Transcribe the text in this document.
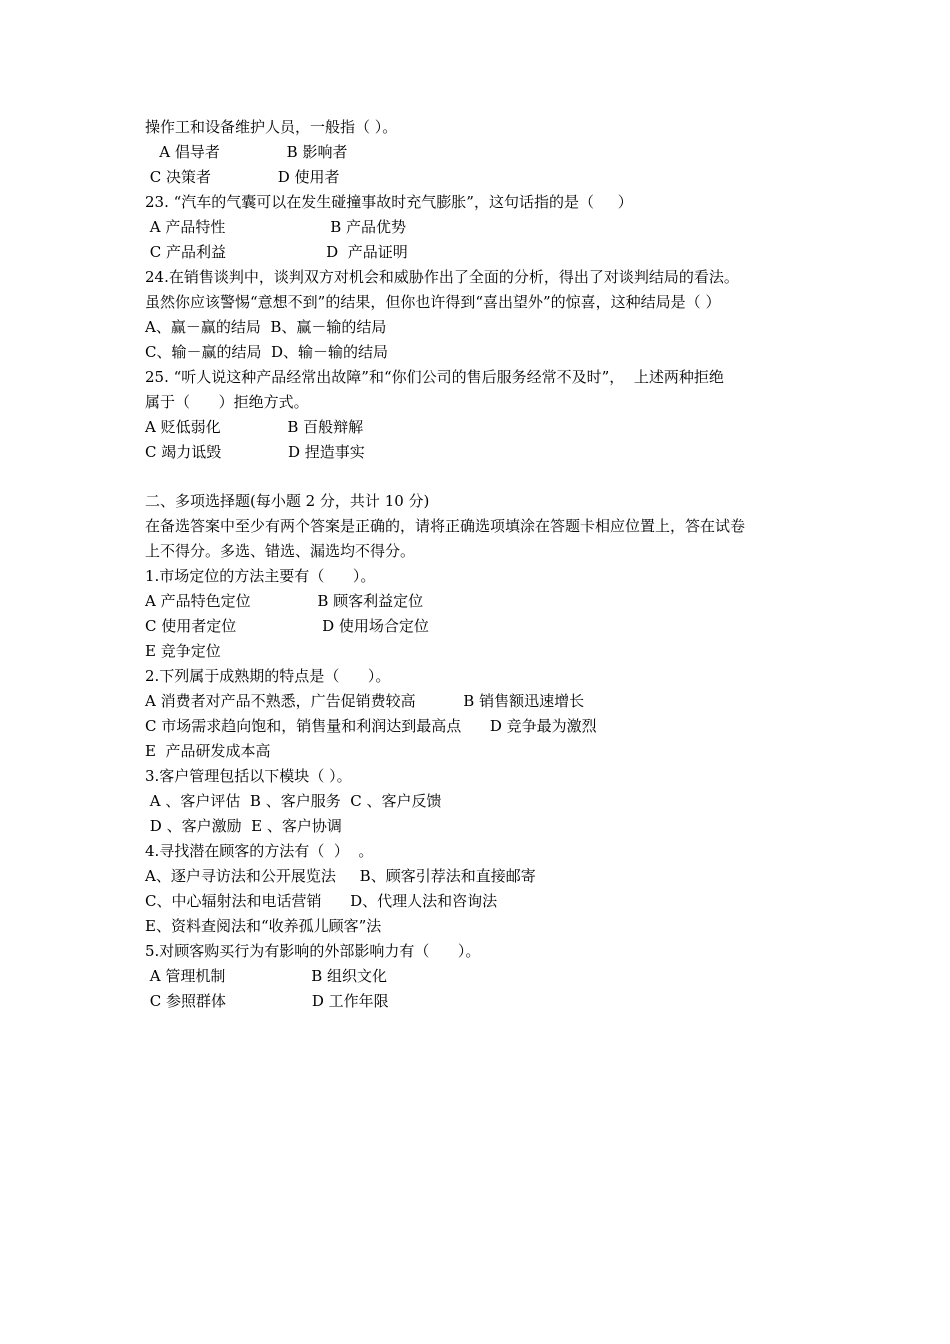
操作工和设备维护人员，一般指（ ）。
A 倡导者              B 影响者
C 决策者              D 使用者
23. “汽车的气囊可以在发生碰撞事故时充气膨胀”，这句话指的是（     ）
A 产品特性                      B 产品优势
C 产品利益                     D  产品证明
24.在销售谈判中，谈判双方对机会和威胁作出了全面的分析，得出了对谈判结局的看法。
虽然你应该警惕“意想不到”的结果，但你也许得到“喜出望外”的惊喜，这种结局是（ ）
A、赢－赢的结局  B、赢－输的结局
C、输－赢的结局  D、输－输的结局
25. “听人说这种产品经常出故障”和“你们公司的售后服务经常不及时”，  上述两种拒绝
属于（      ）拒绝方式。
A 贬低弱化              B 百般辩解
C 竭力诋毁              D 捏造事实
二、多项选择题(每小题 2 分，共计 10 分)
在备选答案中至少有两个答案是正确的，请将正确选项填涂在答题卡相应位置上，答在试卷
上不得分。多选、错选、漏选均不得分。
1.市场定位的方法主要有（      ）。
A 产品特色定位              B 顾客利益定位
C 使用者定位                  D 使用场合定位
E 竞争定位
2.下列属于成熟期的特点是（      ）。
A 消费者对产品不熟悉，广告促销费较高          B 销售额迅速增长
C 市场需求趋向饱和，销售量和利润达到最高点      D 竞争最为激烈
E  产品研发成本高
3.客户管理包括以下模块（ ）。
A 、客户评估  B 、客户服务  C 、客户反馈
D 、客户激励  E 、客户协调
4.寻找潜在顾客的方法有（  ）  。
A、逐户寻访法和公开展览法     B、顾客引荐法和直接邮寄
C、中心辐射法和电话营销      D、代理人法和咨询法
E、资料查阅法和“收养孤儿顾客”法
5.对顾客购买行为有影响的外部影响力有（      ）。
A 管理机制                  B 组织文化
C 参照群体                  D 工作年限
